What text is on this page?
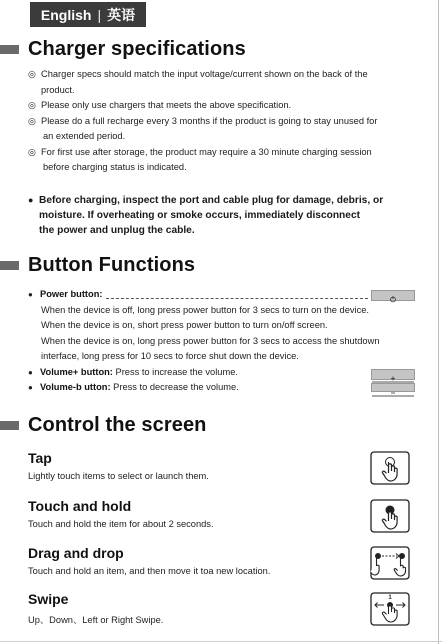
English | 英语
Charger specifications
◎ Charger specs should match the input voltage/current shown on the back of the
product.
◎ Please only use chargers that meets the above specification.
◎ Please do a full recharge every 3 months if the product is going to stay unused for
an extended period.
◎ For first use after storage, the product may require a 30 minute charging session
before charging status is indicated.
● Before charging, inspect the port and cable plug for damage, debris, or
moisture. If overheating or smoke occurs, immediately disconnect
the power and unplug the cable.
Button Functions
● Power button:
When the device is off, long press power button for 3 secs to turn on the device.
When the device is on, short press power button to turn on/off screen.
When the device is on, long press power button for 3 secs to access the shutdown
interface, long press for 10 secs to force shut down the device.
● Volume+ button: Press to increase the volume.
● Volume-b utton: Press to decrease the volume.
Control the screen
Tap
Lightly touch items to select or launch them.
Touch and hold
Touch and hold the item for about 2 seconds.
Drag and drop
Touch and hold an item, and then move it toa new location.
Swipe
Up、Down、Left or Right Swipe.
1
